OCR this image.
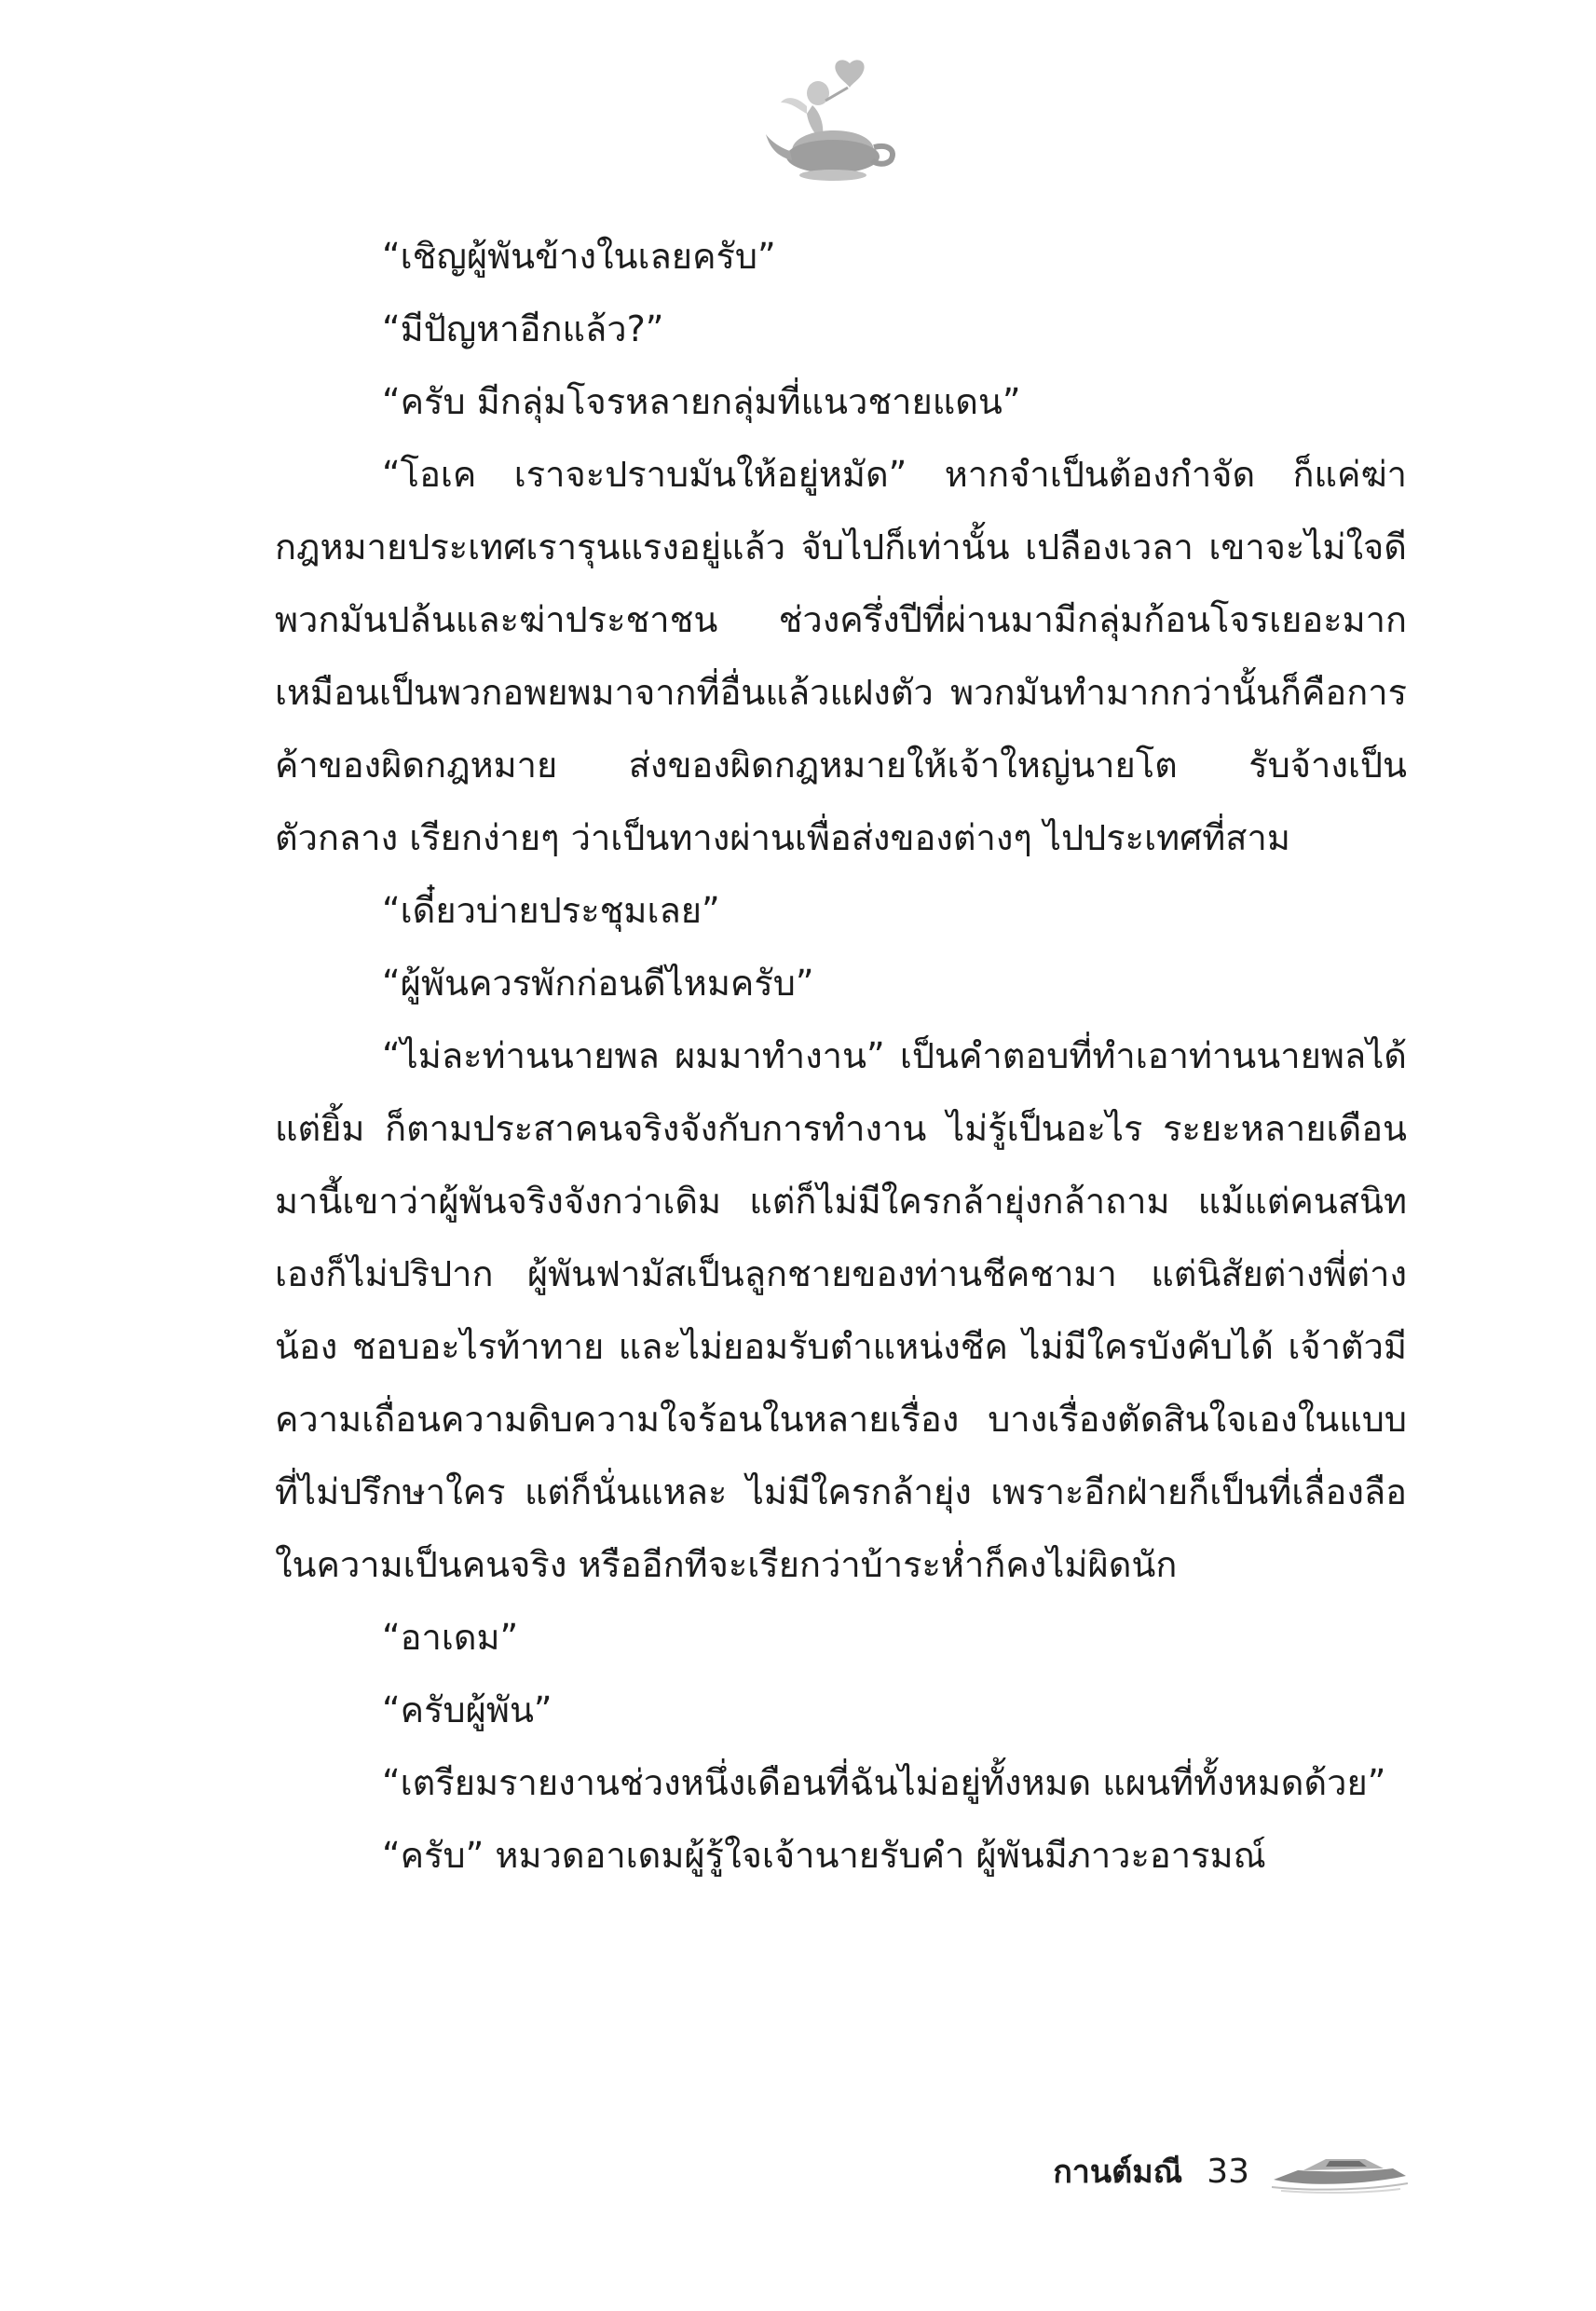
“เชิญผู้พันข้างในเลยครับ”

“มีปัญหาอีกแล้ว?”

“ครับ มีกลุ่มโจรหลายกลุ่มที่แนวชายแดน”

“โอเค เราจะปราบมันให้อยู่หมัด” หากจำเป็นต้องกำจัด ก็แค่ฆ่า กฎหมายประเทศเรารุนแรงอยู่แล้ว จับไปก็เท่านั้น เปลืองเวลา เขาจะไม่ใจดี พวกมันปล้นและฆ่าประชาชน ช่วงครึ่งปีที่ผ่านมามีกลุ่มก้อนโจรเยอะมาก เหมือนเป็นพวกอพยพมาจากที่อื่นแล้วแฝงตัว พวกมันทำมากกว่านั้นก็คือการค้าของผิดกฎหมาย ส่งของผิดกฎหมายให้เจ้าใหญ่นายโต รับจ้างเป็นตัวกลาง เรียกง่ายๆ ว่าเป็นทางผ่านเพื่อส่งของต่างๆ ไปประเทศที่สาม

“เดี๋ยวบ่ายประชุมเลย”

“ผู้พันควรพักก่อนดีไหมครับ”

“ไม่ละท่านนายพล ผมมาทำงาน” เป็นคำตอบที่ทำเอาท่านนายพลได้แต่ยิ้ม ก็ตามประสาคนจริงจังกับการทำงาน ไม่รู้เป็นอะไร ระยะหลายเดือนมานี้เขาว่าผู้พันจริงจังกว่าเดิม แต่ก็ไม่มีใครกล้ายุ่งกล้าถาม แม้แต่คนสนิทเองก็ไม่ปริปาก ผู้พันฟามัสเป็นลูกชายของท่านชีคชามา แต่นิสัยต่างพี่ต่างน้อง ชอบอะไรท้าทาย และไม่ยอมรับตำแหน่งชีค ไม่มีใครบังคับได้ เจ้าตัวมีความเถื่อนความดิบความใจร้อนในหลายเรื่อง บางเรื่องตัดสินใจเองในแบบที่ไม่ปรึกษาใคร แต่ก็นั่นแหละ ไม่มีใครกล้ายุ่ง เพราะอีกฝ่ายก็เป็นที่เลื่องลือในความเป็นคนจริง หรืออีกทีจะเรียกว่าบ้าระห่ำก็คงไม่ผิดนัก

“อาเดม”

“ครับผู้พัน”

“เตรียมรายงานช่วงหนึ่งเดือนที่ฉันไม่อยู่ทั้งหมด แผนที่ทั้งหมดด้วย”

“ครับ” หมวดอาเดมผู้รู้ใจเจ้านายรับคำ ผู้พันมีภาวะอารมณ์

กานต์มณี 33
